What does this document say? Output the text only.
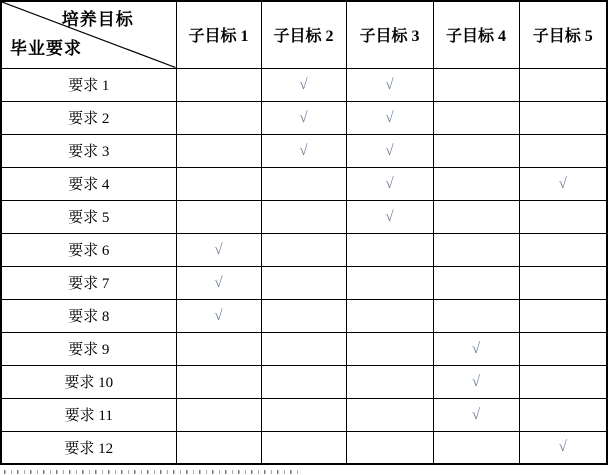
培养目标
毕业要求	子目标 1	子目标 2	子目标 3	子目标 4	子目标 5
要求 1		√	√		
要求 2		√	√		
要求 3		√	√		
要求 4			√		√
要求 5			√		
要求 6	√				
要求 7	√				
要求 8	√				
要求 9				√	
要求 10				√	
要求 11				√	
要求 12					√
